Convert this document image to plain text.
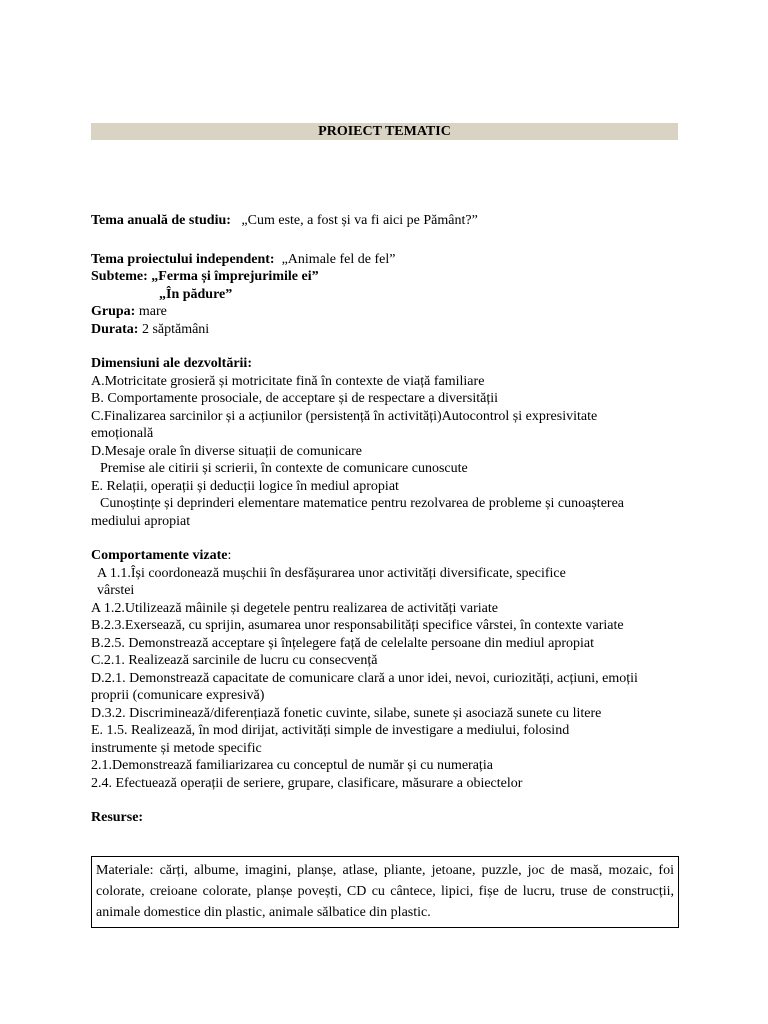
PROIECT TEMATIC
Tema anuală de studiu: „Cum este, a fost și va fi aici pe Pământ?”
Tema proiectului independent: „Animale fel de fel”
Subteme: „Ferma și împrejurimile ei”
„În pădure”
Grupa: mare
Durata: 2 săptămâni
Dimensiuni ale dezvoltării:
A.Motricitate grosieră și motricitate fină în contexte de viață familiare
B. Comportamente prosociale, de acceptare și de respectare a diversității
C.Finalizarea sarcinilor și a acțiunilor (persistență în activități)Autocontrol și expresivitate
emoțională
D.Mesaje orale în diverse situații de comunicare
Premise ale citirii și scrierii, în contexte de comunicare cunoscute
E. Relații, operații și deducții logice în mediul apropiat
Cunoștințe și deprinderi elementare matematice pentru rezolvarea de probleme și cunoașterea
mediului apropiat
Comportamente vizate:
A 1.1.Își coordonează mușchii în desfășurarea unor activități diversificate, specifice
vârstei
A 1.2.Utilizează mâinile și degetele pentru realizarea de activități variate
B.2.3.Exersează, cu sprijin, asumarea unor responsabilități specifice vârstei, în contexte variate
B.2.5. Demonstrează acceptare și înțelegere față de celelalte persoane din mediul apropiat
C.2.1. Realizează sarcinile de lucru cu consecvență
D.2.1. Demonstrează capacitate de comunicare clară a unor idei, nevoi, curiozități, acțiuni, emoții
proprii (comunicare expresivă)
D.3.2. Discriminează/diferențiază fonetic cuvinte, silabe, sunete și asociază sunete cu litere
E. 1.5. Realizează, în mod dirijat, activități simple de investigare a mediului, folosind
instrumente și metode specific
2.1.Demonstrează familiarizarea cu conceptul de număr și cu numerația
2.4. Efectuează operații de seriere, grupare, clasificare, măsurare a obiectelor
Resurse:
Materiale: cărți, albume, imagini, planșe, atlase, pliante, jetoane, puzzle, joc de masă, mozaic, foi colorate, creioane colorate, planșe povești, CD cu cântece, lipici, fișe de lucru, truse de construcții, animale domestice din plastic, animale sălbatice din plastic.
